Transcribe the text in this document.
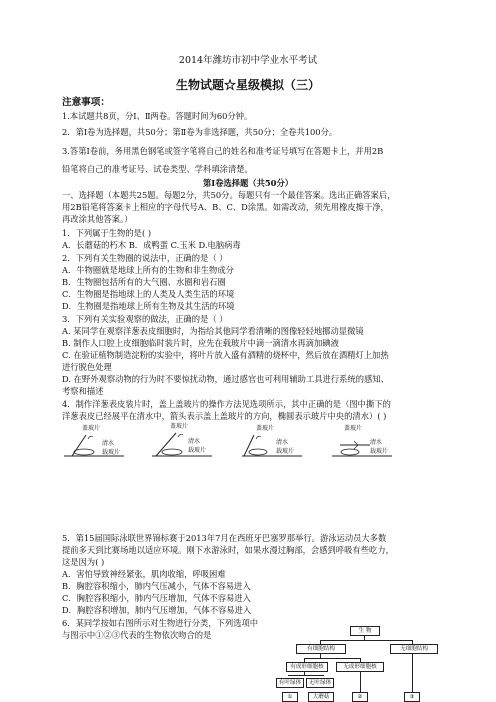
2014年潍坊市初中学业水平考试
生物试题☆星级模拟（三）
注意事项：
1.本试题共8页，分Ⅰ、Ⅱ两卷。答题时间为60分钟。
2．第Ⅰ卷为选择题，共50分；第Ⅱ卷为非选择题，共50分；全卷共100分。
3.答第Ⅰ卷前，务用黑色钢笔或签字笔将自己的姓名和准考证号填写在答题卡上，并用2B
铅笔将自己的准考证号、试卷类型、学科填涂清楚。
第Ⅰ卷选择题（共50分）
一、选择题（本题共25题。每题2分，共50分。每题只有一个最佳答案。选出正确答案后，
用2B铅笔将答案卡上相应的字母代号A、B、C、D涂黑。如需改动，须先用橡皮擦干净，
再改涂其他答案。）
1．下列属于生物的是( )
A．长蘑菇的朽木 B．成鸭蛋 C.玉米 D.电脑病毒
2．下列有关生物圈的说法中，正确的是（ ）
A．牛物圈就是地球上所有的生物和非生物成分
B．生物圈包括所有的大气圈、水圈和岩石圈
C．生物圈是指地球上的人类及人类生活的环境
D．生物圈是指地球上所有生物及其生活的环境
3．下列有关实验观察的做法，正确的是（ ）
A. 某同学在观察洋葱表皮细胞时，为指给其他同学看清晰的图像轻轻地挪动显微镜
B. 制作人口腔上皮细胞临时装片时，应先在载玻片中滴一滴清水再滴加碘液
C. 在验证植物制造淀粉的实验中，将叶片放入盛有酒精的烧杯中，然后放在酒精灯上加热
进行脱色处理
D. 在野外观察动物的行为时不要惊扰动物，通过感官也可利用辅助工具进行系统的感知、
考察和描述
4．制作洋葱表皮装片时，盖上盖玻片的操作方法见选项所示，其中正确的是（图中撕下的
洋葱表皮已经展平在清水中，箭头表示盖上盖玻片的方向，椭圆表示玻片中央的清水）( )
盖玻片
清水
载玻片
盖玻片
清水
载玻片
盖玻片
清水
载玻片
盖玻片
清水
载玻片
5．第15届国际泳联世界锦标赛于2013年7月在西班牙巴塞罗那举行。游泳运动员大多数
提前多天到比赛场地以适应环境。刚下水游泳时，如果水漫过胸部，会感到呼吸有些吃力，
这是因为( )
A．害怕导致神经紧张，肌肉收缩，呼吸困难
B．胸腔容积缩小，肺内气压减小，气体不容易进入
C．胸腔容积缩小，肺内气压增加，气体不容易进入
D．胸腔容积增加，肺内气压增加，气体不容易进入
6．某同学按如右图所示对生物进行分类，下列选项中
与图示中①②③代表的生物依次吻合的是	生 物
有细胞结构	无细胞结构
有成形细胞核	无成形细胞核
有叶绿体	无叶绿体
①	大蘑菇	②	③
